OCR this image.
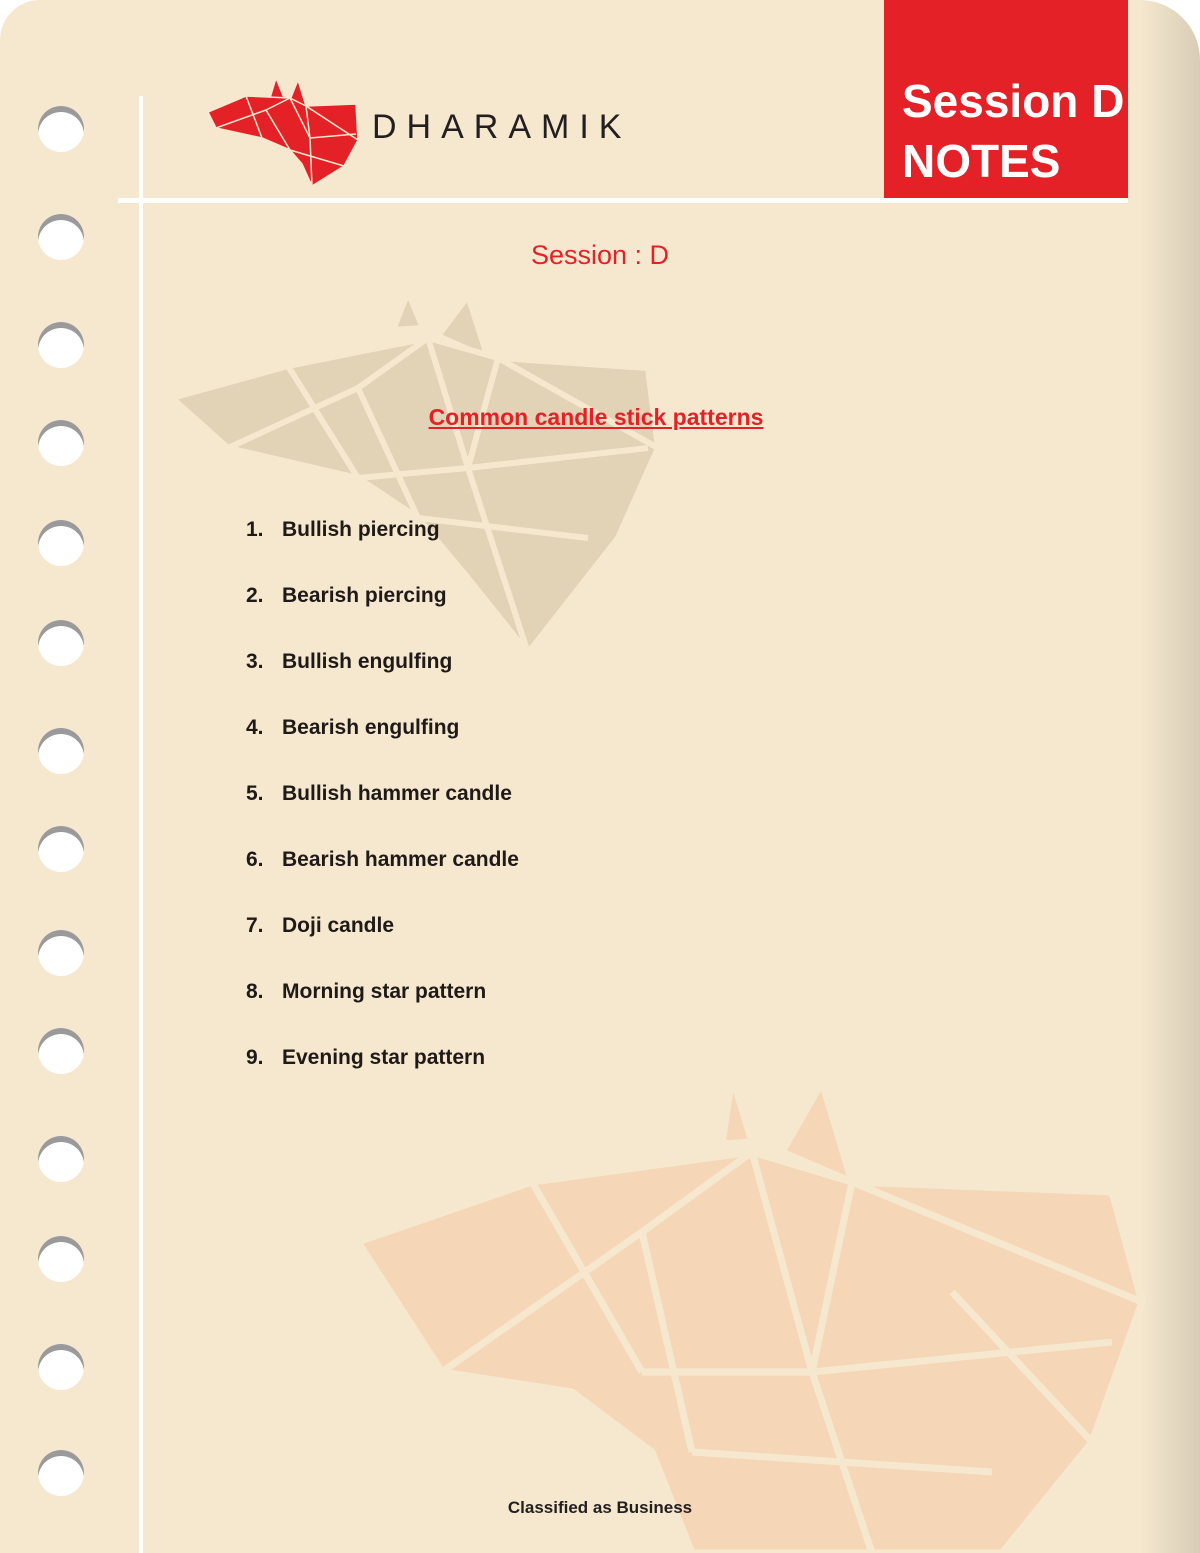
DHARAMIK	Session D
NOTES
Session : D
Common candle stick patterns
1. Bullish piercing
2. Bearish piercing
3. Bullish engulfing
4. Bearish engulfing
5. Bullish hammer candle
6. Bearish hammer candle
7. Doji candle
8. Morning star pattern
9. Evening star pattern
Classified as Business
